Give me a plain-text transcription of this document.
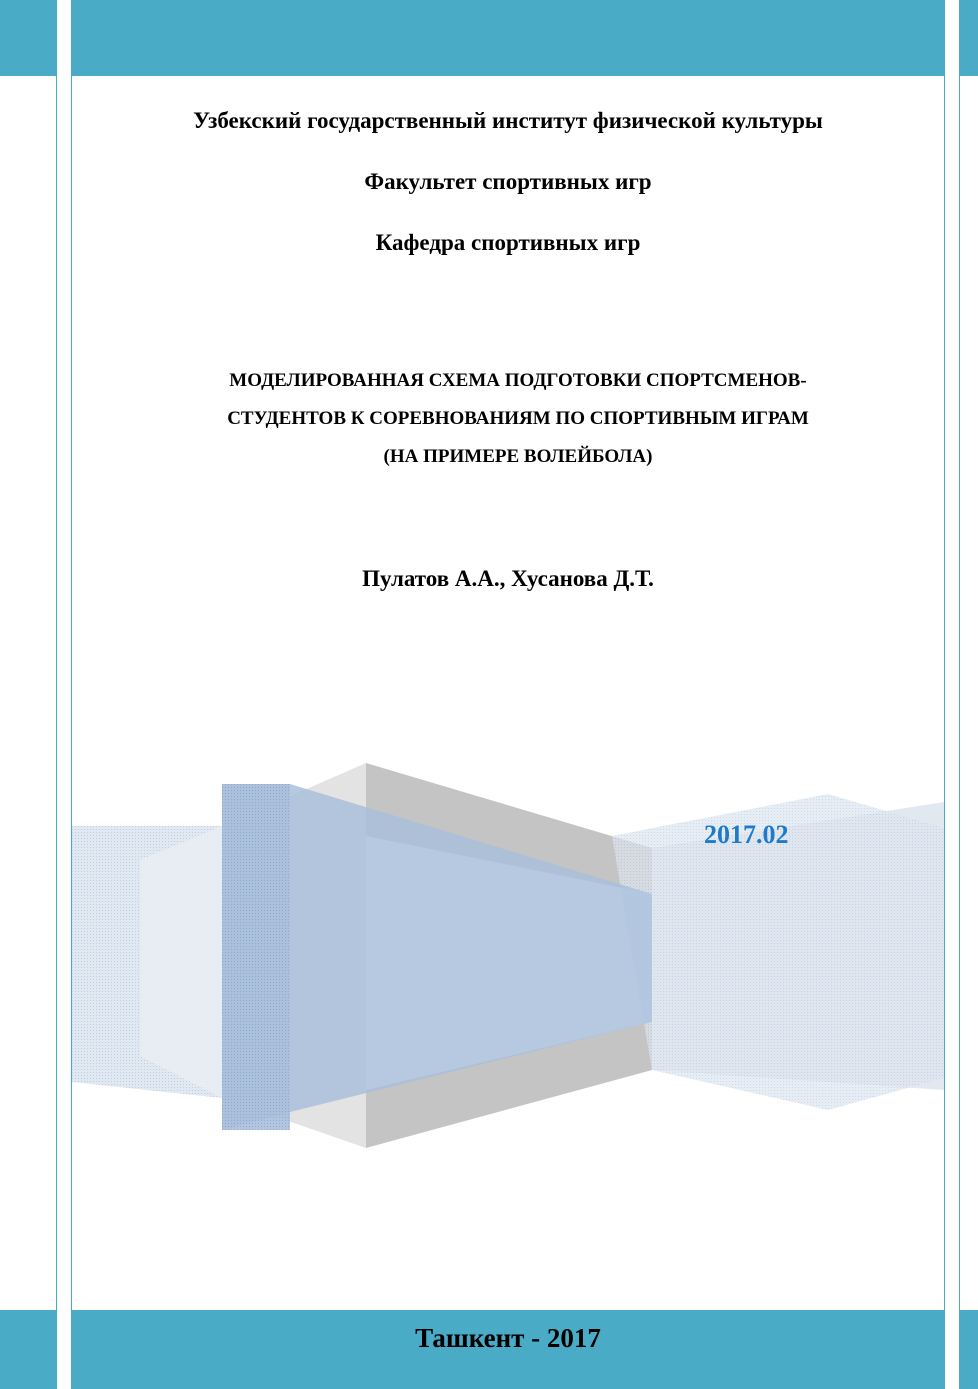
Узбекский государственный институт физической культуры
Факультет спортивных игр
Кафедра спортивных игр
МОДЕЛИРОВАННАЯ СХЕМА ПОДГОТОВКИ СПОРТСМЕНОВ-
СТУДЕНТОВ К СОРЕВНОВАНИЯМ ПО СПОРТИВНЫМ ИГРАМ
(НА ПРИМЕРЕ ВОЛЕЙБОЛА)
Пулатов А.А., Хусанова Д.Т.
2017.02
Ташкент - 2017
